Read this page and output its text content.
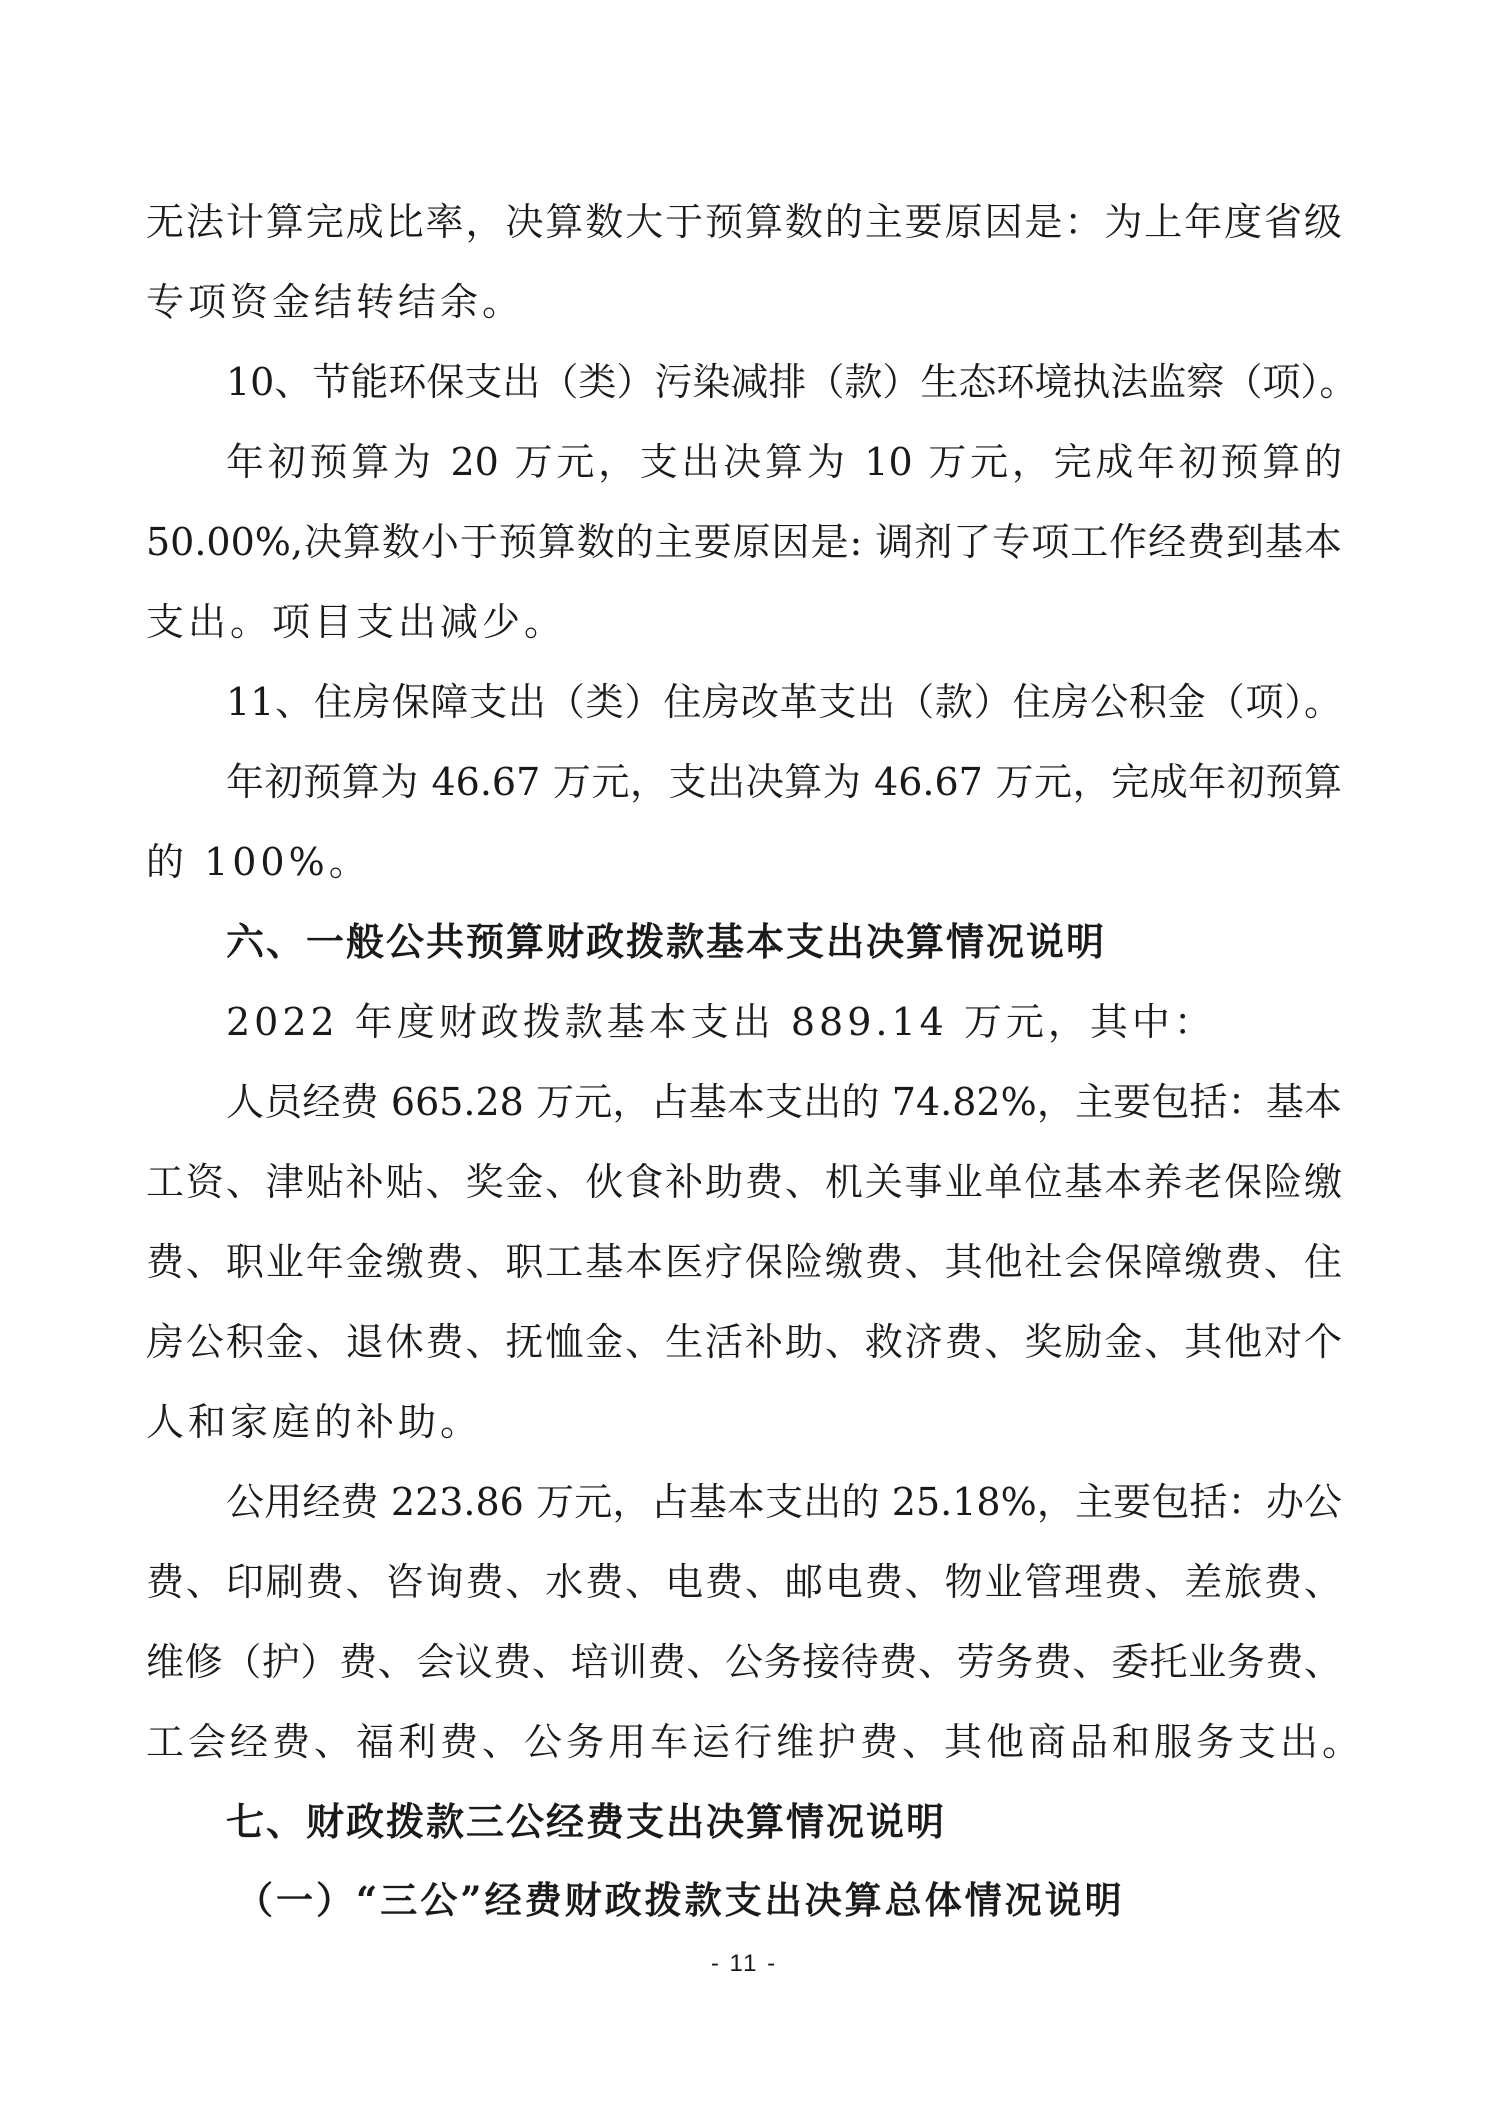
无法计算完成比率，决算数大于预算数的主要原因是：为上年度省级
专项资金结转结余。
10、节能环保支出（类）污染减排（款）生态环境执法监察（项）。
年初预算为 20 万元，支出决算为 10 万元，完成年初预算的
50.00%,决算数小于预算数的主要原因是: 调剂了专项工作经费到基本
支出。项目支出减少。
11、住房保障支出（类）住房改革支出（款）住房公积金（项）。
年初预算为 46.67 万元，支出决算为 46.67 万元，完成年初预算
的 100%。
六、一般公共预算财政拨款基本支出决算情况说明
2022 年度财政拨款基本支出 889.14 万元，其中：
人员经费 665.28 万元，占基本支出的 74.82%，主要包括：基本
工资、津贴补贴、奖金、伙食补助费、机关事业单位基本养老保险缴
费、职业年金缴费、职工基本医疗保险缴费、其他社会保障缴费、住
房公积金、退休费、抚恤金、生活补助、救济费、奖励金、其他对个
人和家庭的补助。
公用经费 223.86 万元，占基本支出的 25.18%，主要包括：办公
费、印刷费、咨询费、水费、电费、邮电费、物业管理费、差旅费、
维修（护）费、会议费、培训费、公务接待费、劳务费、委托业务费、
工会经费、福利费、公务用车运行维护费、其他商品和服务支出。
七、财政拨款三公经费支出决算情况说明
（一）“三公”经费财政拨款支出决算总体情况说明
- 11 -
